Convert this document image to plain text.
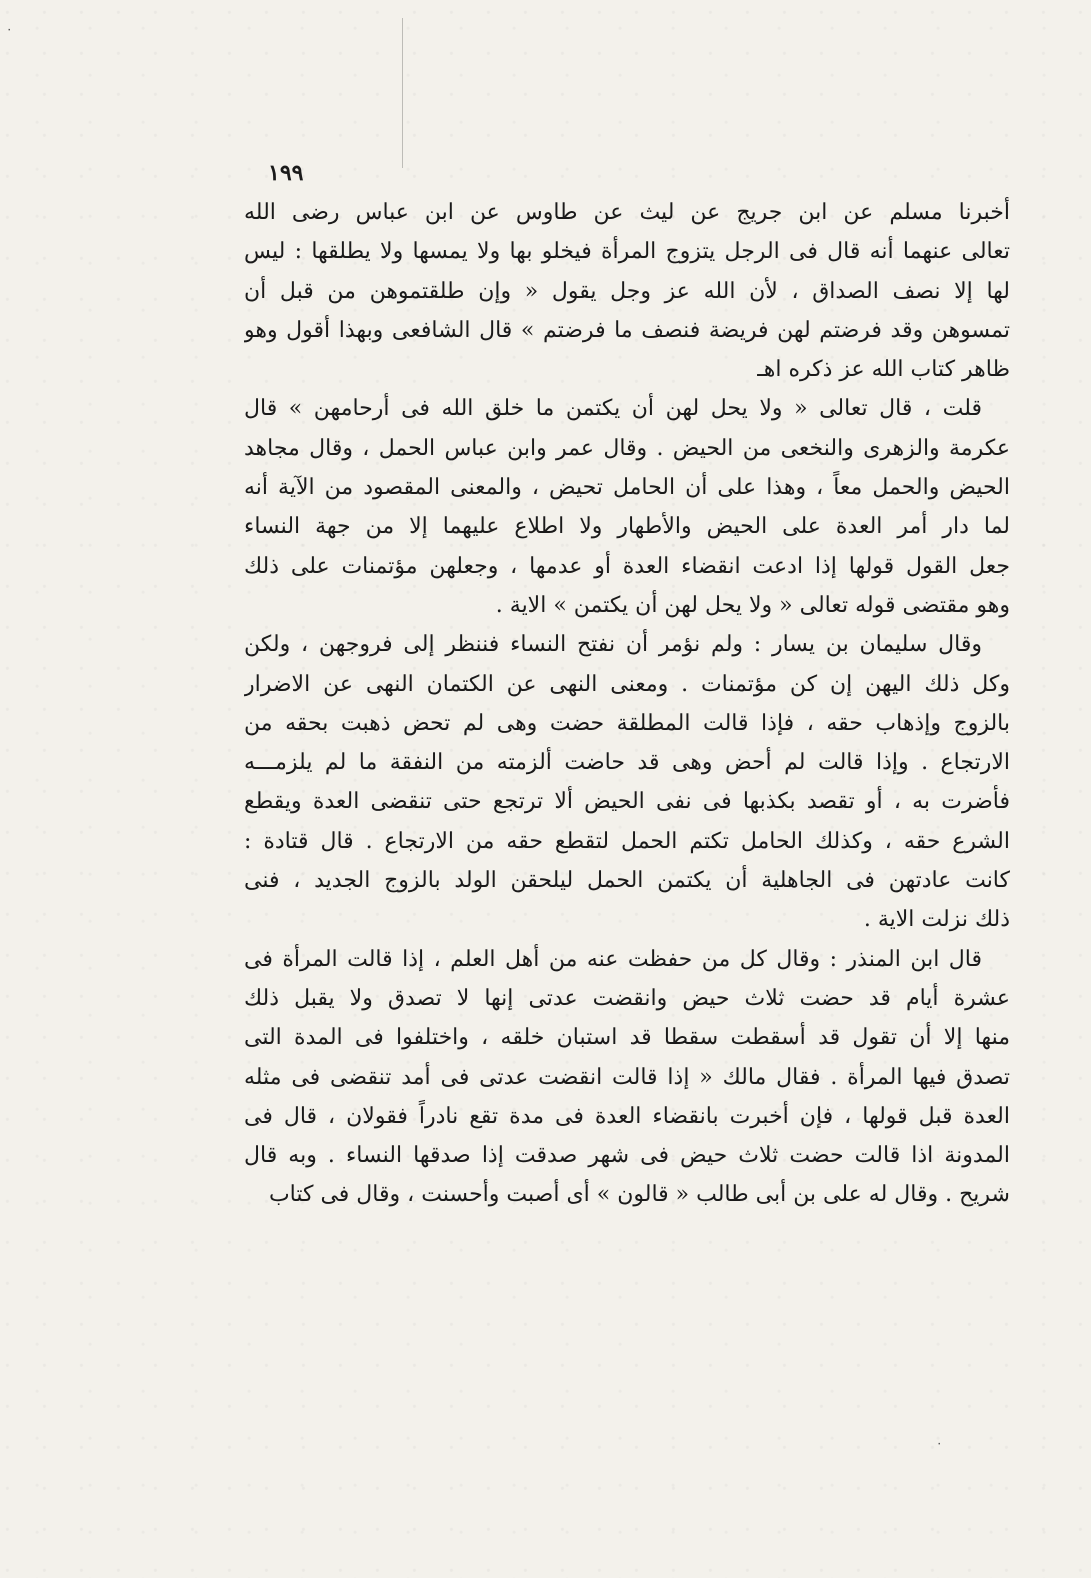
٠
١٩٩
أخبرنا مسلم عن ابن جريج عن ليث عن طاوس عن ابن عباس رضى الله
تعالى عنهما أنه قال فى الرجل يتزوج المرأة فيخلو بها ولا يمسها ولا يطلقها : ليس
لها إلا نصف الصداق ، لأن الله عز وجل يقول « وإن طلقتموهن من قبل أن
تمسوهن وقد فرضتم لهن فريضة فنصف ما فرضتم » قال الشافعى وبهذا أقول وهو
ظاهر كتاب الله عز ذكره اهـ
قلت ، قال تعالى « ولا يحل لهن أن يكتمن ما خلق الله فى أرحامهن » قال
عكرمة والزهرى والنخعى من الحيض . وقال عمر وابن عباس الحمل ، وقال مجاهد
الحيض والحمل معاً ، وهذا على أن الحامل تحيض ، والمعنى المقصود من الآية أنه
لما دار أمر العدة على الحيض والأطهار ولا اطلاع عليهما إلا من جهة النساء
جعل القول قولها إذا ادعت انقضاء العدة أو عدمها ، وجعلهن مؤتمنات على ذلك
وهو مقتضى قوله تعالى « ولا يحل لهن أن يكتمن » الاية .
وقال سليمان بن يسار : ولم نؤمر أن نفتح النساء فننظر إلى فروجهن ، ولكن
وكل ذلك اليهن إن كن مؤتمنات . ومعنى النهى عن الكتمان النهى عن الاضرار
بالزوج وإذهاب حقه ، فإذا قالت المطلقة حضت وهى لم تحض ذهبت بحقه من
الارتجاع . وإذا قالت لم أحض وهى قد حاضت ألزمته من النفقة ما لم يلزمـــه
فأضرت به ، أو تقصد بكذبها فى نفى الحيض ألا ترتجع حتى تنقضى العدة ويقطع
الشرع حقه ، وكذلك الحامل تكتم الحمل لتقطع حقه من الارتجاع . قال قتادة :
كانت عادتهن فى الجاهلية أن يكتمن الحمل ليلحقن الولد بالزوج الجديد ، فنى
ذلك نزلت الاية .
قال ابن المنذر : وقال كل من حفظت عنه من أهل العلم ، إذا قالت المرأة فى
عشرة أيام قد حضت ثلاث حيض وانقضت عدتى إنها لا تصدق ولا يقبل ذلك
منها إلا أن تقول قد أسقطت سقطا قد استبان خلقه ، واختلفوا فى المدة التى
تصدق فيها المرأة . فقال مالك « إذا قالت انقضت عدتى فى أمد تنقضى فى مثله
العدة قبل قولها ، فإن أخبرت بانقضاء العدة فى مدة تقع نادراً فقولان ، قال فى
المدونة اذا قالت حضت ثلاث حيض فى شهر صدقت إذا صدقها النساء . وبه قال
شريح . وقال له على بن أبى طالب « قالون » أى أصبت وأحسنت ، وقال فى كتاب
٠
